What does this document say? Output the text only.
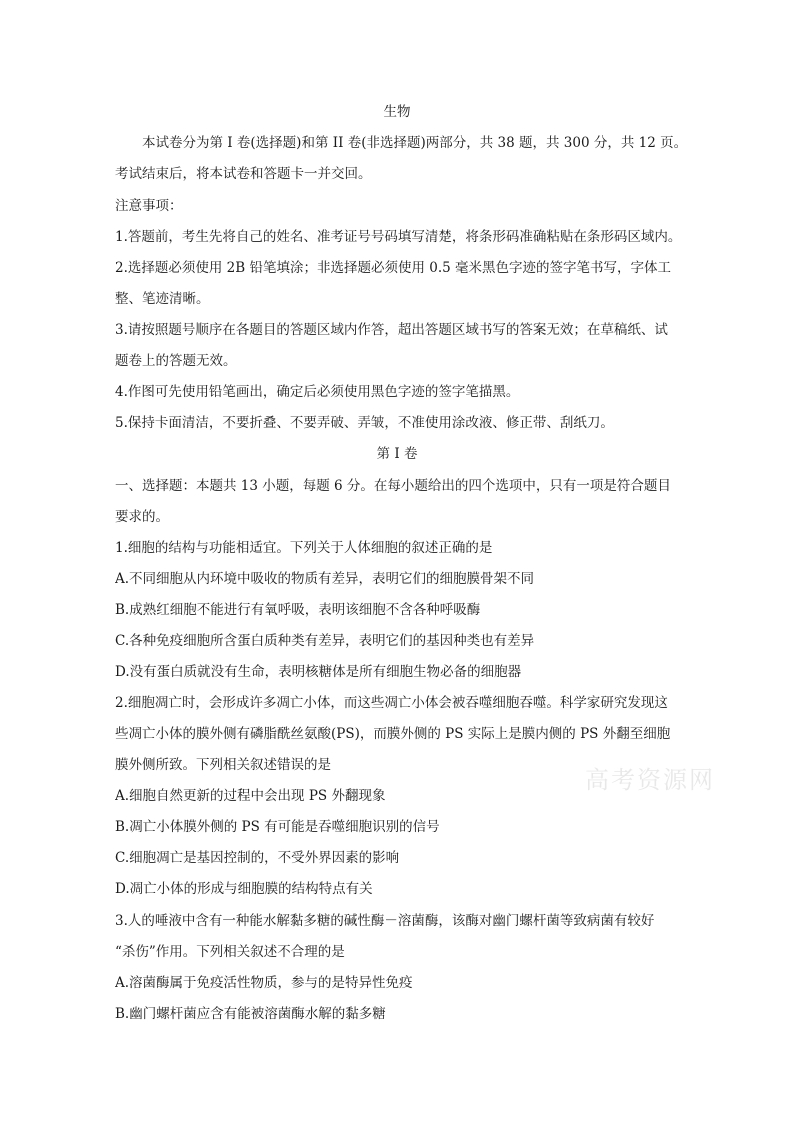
生物
本试卷分为第 I 卷(选择题)和第 II 卷(非选择题)两部分，共 38 题，共 300 分，共 12 页。
考试结束后，将本试卷和答题卡一并交回。
注意事项：
1.答题前，考生先将自己的姓名、准考证号号码填写清楚，将条形码准确粘贴在条形码区域内。
2.选择题必须使用 2B 铅笔填涂；非选择题必须使用 0.5 毫米黑色字迹的签字笔书写，字体工
整、笔迹清晰。
3.请按照题号顺序在各题目的答题区域内作答，超出答题区域书写的答案无效；在草稿纸、试
题卷上的答题无效。
4.作图可先使用铅笔画出，确定后必须使用黑色字迹的签字笔描黑。
5.保持卡面清洁，不要折叠、不要弄破、弄皱，不准使用涂改液、修正带、刮纸刀。
第 I 卷
一、选择题：本题共 13 小题，每题 6 分。在每小题给出的四个选项中，只有一项是符合题目
要求的。
1.细胞的结构与功能相适宜。下列关于人体细胞的叙述正确的是
A.不同细胞从内环境中吸收的物质有差异，表明它们的细胞膜骨架不同
B.成熟红细胞不能进行有氧呼吸，表明该细胞不含各种呼吸酶
C.各种免疫细胞所含蛋白质种类有差异，表明它们的基因种类也有差异
D.没有蛋白质就没有生命，表明核糖体是所有细胞生物必备的细胞器
2.细胞凋亡时，会形成许多凋亡小体，而这些凋亡小体会被吞噬细胞吞噬。科学家研究发现这
些凋亡小体的膜外侧有磷脂酰丝氨酸(PS)，而膜外侧的 PS 实际上是膜内侧的 PS 外翻至细胞
膜外侧所致。下列相关叙述错误的是
A.细胞自然更新的过程中会出现 PS 外翻现象
B.凋亡小体膜外侧的 PS 有可能是吞噬细胞识别的信号
C.细胞凋亡是基因控制的，不受外界因素的影响
D.凋亡小体的形成与细胞膜的结构特点有关
3.人的唾液中含有一种能水解黏多糖的碱性酶－溶菌酶，该酶对幽门螺杆菌等致病菌有较好
“杀伤”作用。下列相关叙述不合理的是
A.溶菌酶属于免疫活性物质，参与的是特异性免疫
B.幽门螺杆菌应含有能被溶菌酶水解的黏多糖
高考资源网
